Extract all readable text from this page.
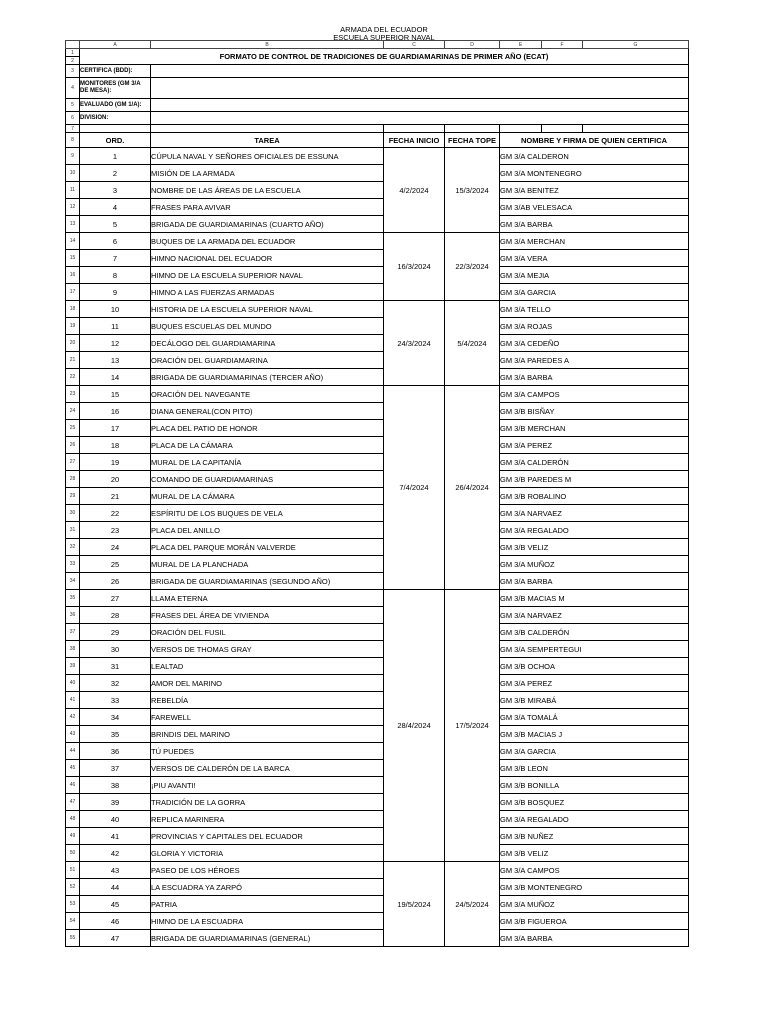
ARMADA DEL ECUADOR
ESCUELA SUPERIOR NAVAL
	A	B	C	D	E	F	G
1	FORMATO DE CONTROL DE TRADICIONES DE GUARDIAMARINAS DE PRIMER AÑO (ECAT)						
2							
3	CERTIFICA (BDD):						
4	MONITORES (GM 3/A DE MESA):						
5	EVALUADO (GM 1/A):						
6	DIVISION:						
7							
8	ORD.	TAREA	FECHA INICIO	FECHA TOPE	NOMBRE Y FIRMA DE QUIEN CERTIFICA		
9	1	CÚPULA NAVAL Y SEÑORES OFICIALES DE ESSUNA	4/2/2024	15/3/2024	GM 3/A CALDERON		
10	2	MISIÓN DE LA ARMADA			GM 3/A MONTENEGRO		
11	3	NOMBRE DE LAS ÁREAS DE LA ESCUELA			GM 3/A BENITEZ		
12	4	FRASES PARA AVIVAR			GM 3/AB VELESACA		
13	5	BRIGADA DE GUARDIAMARINAS (CUARTO AÑO)			GM 3/A BARBA		
14	6	BUQUES DE LA ARMADA DEL ECUADOR	16/3/2024	22/3/2024	GM 3/A MERCHAN		
15	7	HIMNO NACIONAL DEL ECUADOR			GM 3/A VERA		
16	8	HIMNO DE LA ESCUELA SUPERIOR NAVAL			GM 3/A MEJIA		
17	9	HIMNO A LAS FUERZAS ARMADAS			GM 3/A GARCIA		
18	10	HISTORIA DE LA ESCUELA SUPERIOR NAVAL	24/3/2024	5/4/2024	GM 3/A TELLO		
19	11	BUQUES ESCUELAS DEL MUNDO			GM 3/A ROJAS		
20	12	DECÁLOGO DEL GUARDIAMARINA			GM 3/A CEDEÑO		
21	13	ORACIÓN DEL GUARDIAMARINA			GM 3/A PAREDES A		
22	14	BRIGADA DE GUARDIAMARINAS (TERCER AÑO)			GM 3/A BARBA		
23	15	ORACIÓN DEL NAVEGANTE	7/4/2024	26/4/2024	GM 3/A CAMPOS		
24	16	DIANA GENERAL(CON PITO)			GM 3/B BISÑAY		
25	17	PLACA DEL PATIO DE HONOR			GM 3/B MERCHAN		
26	18	PLACA DE LA CÁMARA			GM 3/A PEREZ		
27	19	MURAL DE LA CAPITANÍA			GM 3/A CALDERÓN		
28	20	COMANDO DE GUARDIAMARINAS			GM 3/B PAREDES M		
29	21	MURAL DE LA CÁMARA			GM 3/B ROBALINO		
30	22	ESPÍRITU DE LOS BUQUES DE VELA			GM 3/A NARVAEZ		
31	23	PLACA DEL ANILLO			GM 3/A REGALADO		
32	24	PLACA DEL PARQUE MORÁN VALVERDE			GM 3/B VELIZ		
33	25	MURAL DE LA PLANCHADA			GM 3/A MUÑOZ		
34	26	BRIGADA DE GUARDIAMARINAS (SEGUNDO AÑO)			GM 3/A BARBA		
35	27	LLAMA ETERNA	28/4/2024	17/5/2024	GM 3/B MACIAS M		
36	28	FRASES DEL ÁREA DE VIVIENDA			GM 3/A NARVAEZ		
37	29	ORACIÓN DEL FUSIL			GM 3/B CALDERÓN		
38	30	VERSOS DE THOMAS GRAY			GM 3/A SEMPERTEGUI		
39	31	LEALTAD			GM 3/B OCHOA		
40	32	AMOR DEL MARINO			GM 3/A PEREZ		
41	33	REBELDÍA			GM 3/B MIRABÁ		
42	34	FAREWELL			GM 3/A TOMALÁ		
43	35	BRINDIS DEL MARINO			GM 3/B MACIAS J		
44	36	TÚ PUEDES			GM 3/A GARCIA		
45	37	VERSOS DE CALDERÓN DE LA BARCA			GM 3/B LEON		
46	38	¡PIU AVANTI!			GM 3/B BONILLA		
47	39	TRADICIÓN DE LA GORRA			GM 3/B BOSQUEZ		
48	40	REPLICA MARINERA			GM 3/A REGALADO		
49	41	PROVINCIAS Y CAPITALES DEL ECUADOR			GM 3/B NUÑEZ		
50	42	GLORIA Y VICTORIA			GM 3/B VELIZ		
51	43	PASEO DE LOS HÉROES	19/5/2024	24/5/2024	GM 3/A CAMPOS		
52	44	LA ESCUADRA YA ZARPÓ			GM 3/B MONTENEGRO		
53	45	PATRIA			GM 3/A MUÑOZ		
54	46	HIMNO DE LA ESCUADRA			GM 3/B FIGUEROA		
55	47	BRIGADA DE GUARDIAMARINAS (GENERAL)			GM 3/A BARBA		
